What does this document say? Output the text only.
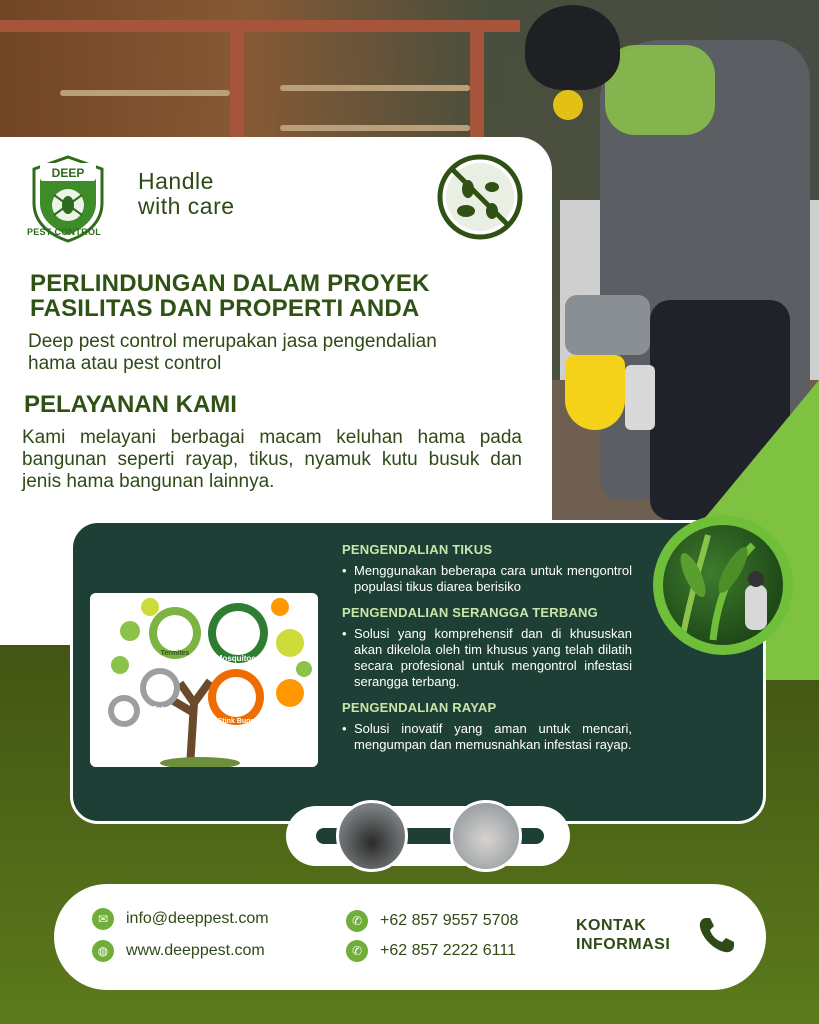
DEEP
PEST CONTROL
Handle
with care
PERLINDUNGAN DALAM PROYEK FASILITAS DAN PROPERTI ANDA
Deep pest control merupakan jasa pengendalian hama atau pest control
PELAYANAN KAMI
Kami melayani berbagai macam keluhan hama pada bangunan seperti rayap, tikus, nyamuk kutu busuk dan jenis hama bangunan lainnya.
Termites
Mosquitoes
Rats
Stink Bugs
Mice
PENGENDALIAN TIKUS
• Menggunakan beberapa cara untuk mengontrol populasi tikus diarea berisiko
PENGENDALIAN SERANGGA TERBANG
• Solusi yang komprehensif dan di khususkan akan dikelola oleh tim khusus yang telah dilatih secara profesional untuk mengontrol infestasi serangga terbang.
PENGENDALIAN RAYAP
• Solusi inovatif yang aman untuk mencari, mengumpan dan memusnahkan infestasi rayap.
✉	info@deeppest.com
◍	www.deeppest.com
✆	+62 857 9557 5708
✆	+62 857 2222 6111
KONTAK
INFORMASI
